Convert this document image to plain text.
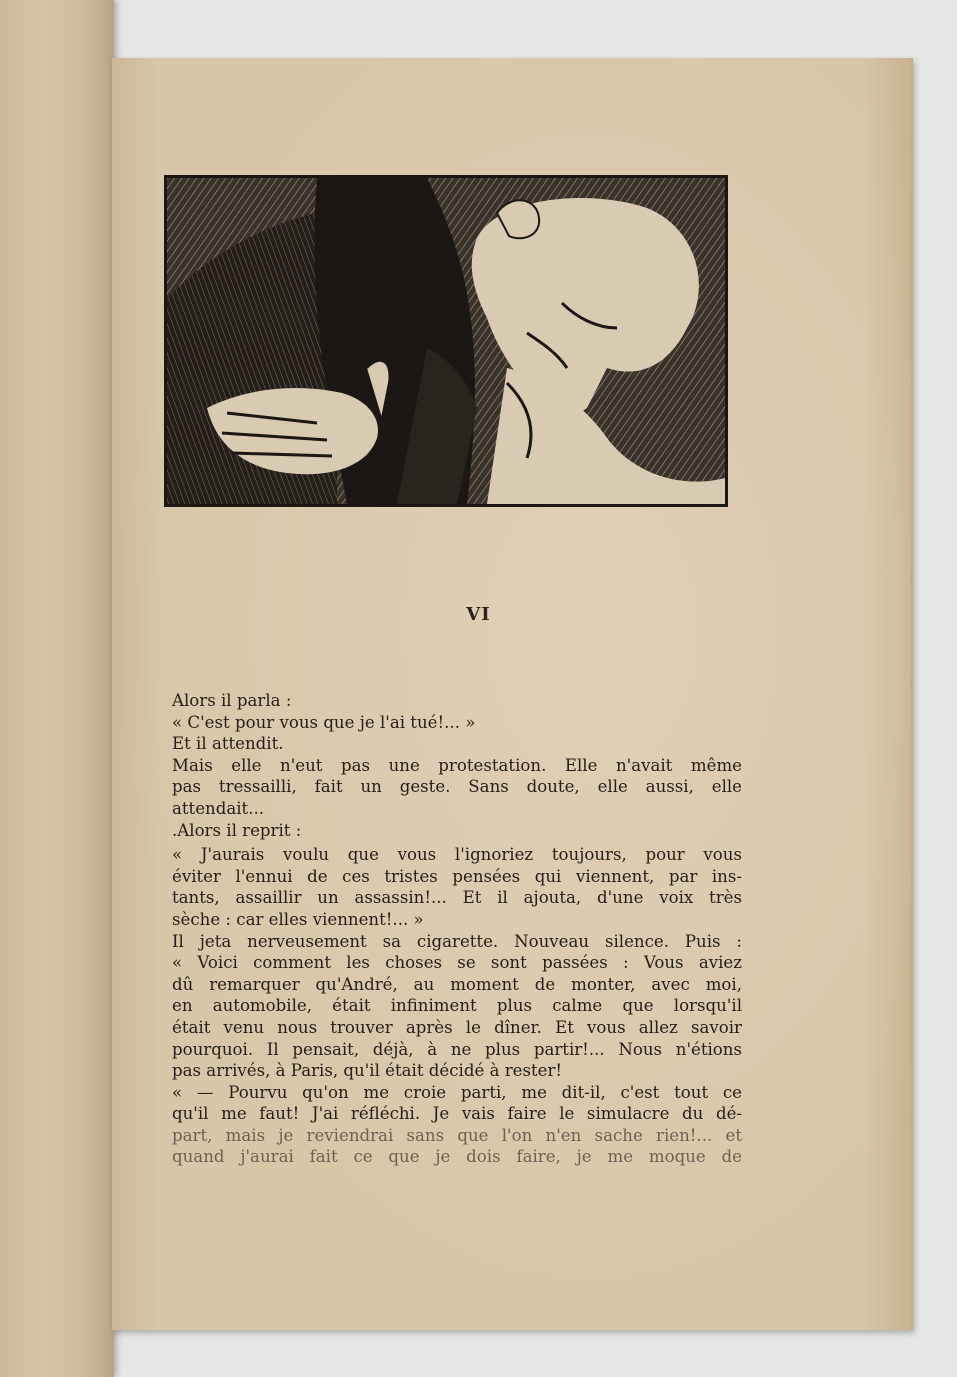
VI
Alors il parla :
« C'est pour vous que je l'ai tué!... »
Et il attendit.
Mais elle n'eut pas une protestation. Elle n'avait même
pas tressailli, fait un geste. Sans doute, elle aussi, elle
attendait...
.Alors il reprit :
« J'aurais voulu que vous l'ignoriez toujours, pour vous
éviter l'ennui de ces tristes pensées qui viennent, par ins-
tants, assaillir un assassin!... Et il ajouta, d'une voix très
sèche : car elles viennent!... »
Il jeta nerveusement sa cigarette. Nouveau silence. Puis :
« Voici comment les choses se sont passées : Vous aviez
dû remarquer qu'André, au moment de monter, avec moi,
en automobile, était infiniment plus calme que lorsqu'il
était venu nous trouver après le dîner. Et vous allez savoir
pourquoi. Il pensait, déjà, à ne plus partir!... Nous n'étions
pas arrivés, à Paris, qu'il était décidé à rester!
« — Pourvu qu'on me croie parti, me dit-il, c'est tout ce
qu'il me faut! J'ai réfléchi. Je vais faire le simulacre du dé-
part, mais je reviendrai sans que l'on n'en sache rien!... et
quand j'aurai fait ce que je dois faire, je me moque de
